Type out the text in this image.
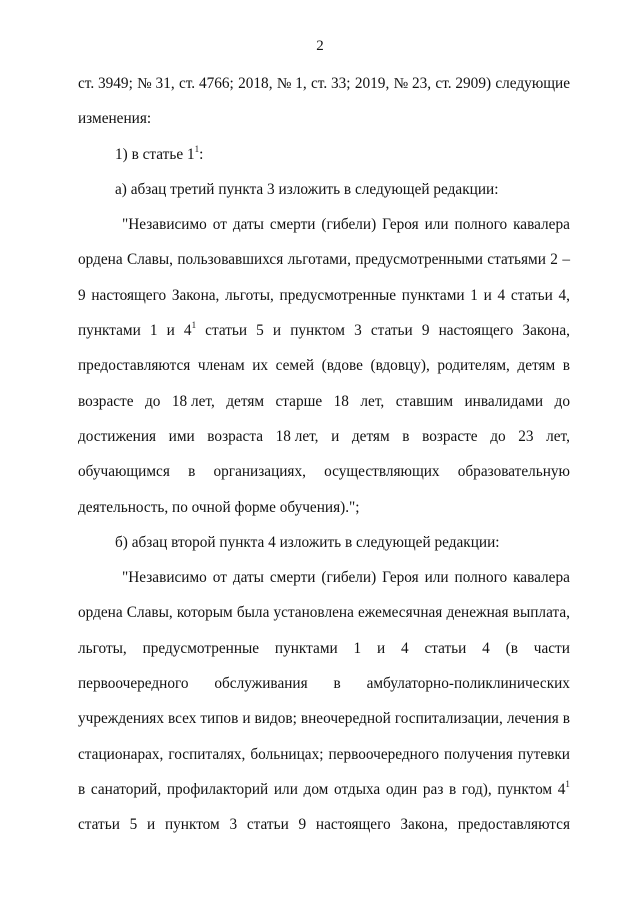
2
ст. 3949; № 31, ст. 4766; 2018, № 1, ст. 33; 2019, № 23, ст. 2909) следующие
изменения:
1) в статье $1^1$:
а) абзац третий пункта 3 изложить в следующей редакции:
"Независимо от даты смерти (гибели) Героя или полного кавалера
ордена Славы, пользовавшихся льготами, предусмотренными статьями 2 –
9 настоящего Закона, льготы, предусмотренные пунктами 1 и 4 статьи 4,
пунктами 1 и $4^1$ статьи 5 и пунктом 3 статьи 9 настоящего Закона,
предоставляются членам их семей (вдове (вдовцу), родителям, детям в
возрасте до 18 лет, детям старше 18 лет, ставшим инвалидами до
достижения ими возраста 18 лет, и детям в возрасте до 23 лет,
обучающимся в организациях, осуществляющих образовательную
деятельность, по очной форме обучения).";
б) абзац второй пункта 4 изложить в следующей редакции:
"Независимо от даты смерти (гибели) Героя или полного кавалера
ордена Славы, которым была установлена ежемесячная денежная выплата,
льготы, предусмотренные пунктами 1 и 4 статьи 4 (в части
первоочередного обслуживания в амбулаторно-поликлинических
учреждениях всех типов и видов; внеочередной госпитализации, лечения в
стационарах, госпиталях, больницах; первоочередного получения путевки
в санаторий, профилакторий или дом отдыха один раз в год), пунктом $4^1$
статьи 5 и пунктом 3 статьи 9 настоящего Закона, предоставляются
